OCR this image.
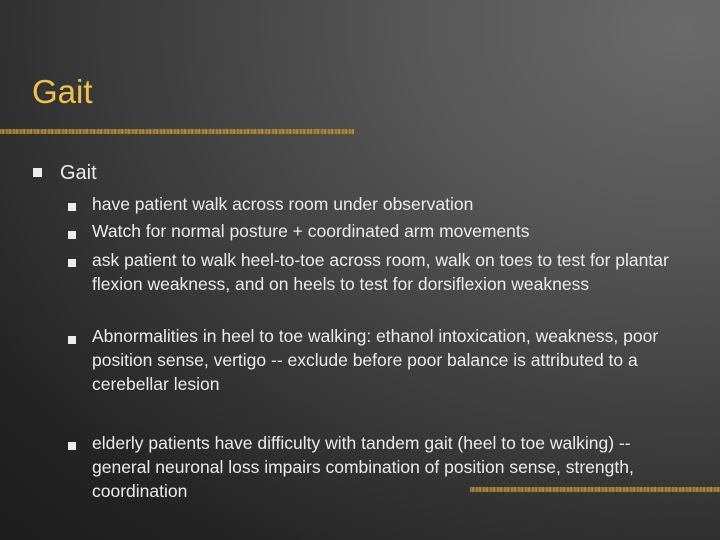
Gait
Gait
have patient walk across room under observation
Watch for normal posture + coordinated arm movements
ask patient to walk heel-to-toe across room, walk on toes to test for plantar flexion weakness, and on heels to test for dorsiflexion weakness
Abnormalities in heel to toe walking: ethanol intoxication, weakness, poor position sense, vertigo -- exclude before poor balance is attributed to a cerebellar lesion
elderly patients have difficulty with tandem gait (heel to toe walking) -- general neuronal loss impairs combination of position sense, strength, coordination
